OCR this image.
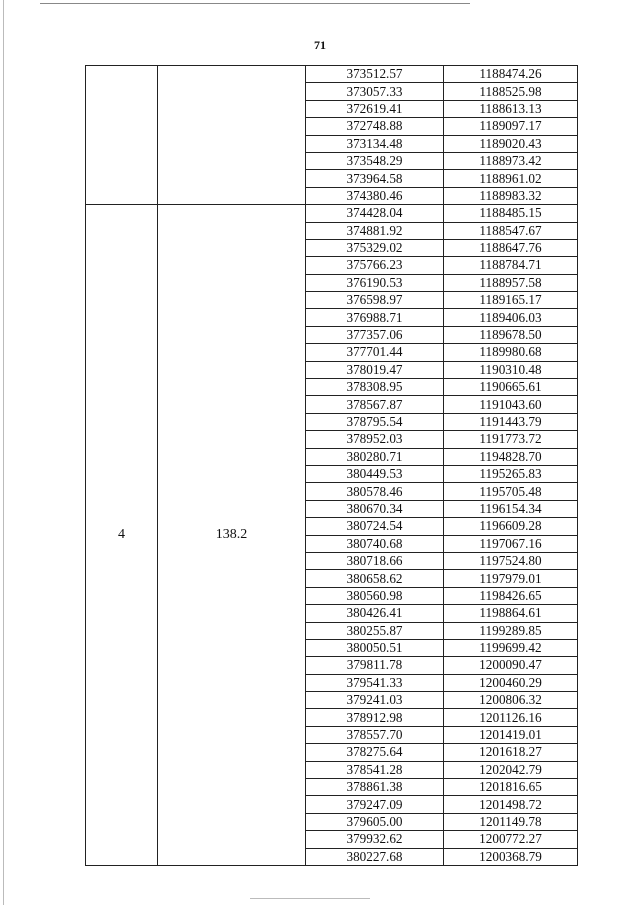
71
		373512.57	1188474.26
		373057.33	1188525.98
		372619.41	1188613.13
		372748.88	1189097.17
		373134.48	1189020.43
		373548.29	1188973.42
		373964.58	1188961.02
		374380.46	1188983.32
4	138.2	374428.04	1188485.15
		374881.92	1188547.67
		375329.02	1188647.76
		375766.23	1188784.71
		376190.53	1188957.58
		376598.97	1189165.17
		376988.71	1189406.03
		377357.06	1189678.50
		377701.44	1189980.68
		378019.47	1190310.48
		378308.95	1190665.61
		378567.87	1191043.60
		378795.54	1191443.79
		378952.03	1191773.72
		380280.71	1194828.70
		380449.53	1195265.83
		380578.46	1195705.48
		380670.34	1196154.34
		380724.54	1196609.28
		380740.68	1197067.16
		380718.66	1197524.80
		380658.62	1197979.01
		380560.98	1198426.65
		380426.41	1198864.61
		380255.87	1199289.85
		380050.51	1199699.42
		379811.78	1200090.47
		379541.33	1200460.29
		379241.03	1200806.32
		378912.98	1201126.16
		378557.70	1201419.01
		378275.64	1201618.27
		378541.28	1202042.79
		378861.38	1201816.65
		379247.09	1201498.72
		379605.00	1201149.78
		379932.62	1200772.27
		380227.68	1200368.79
